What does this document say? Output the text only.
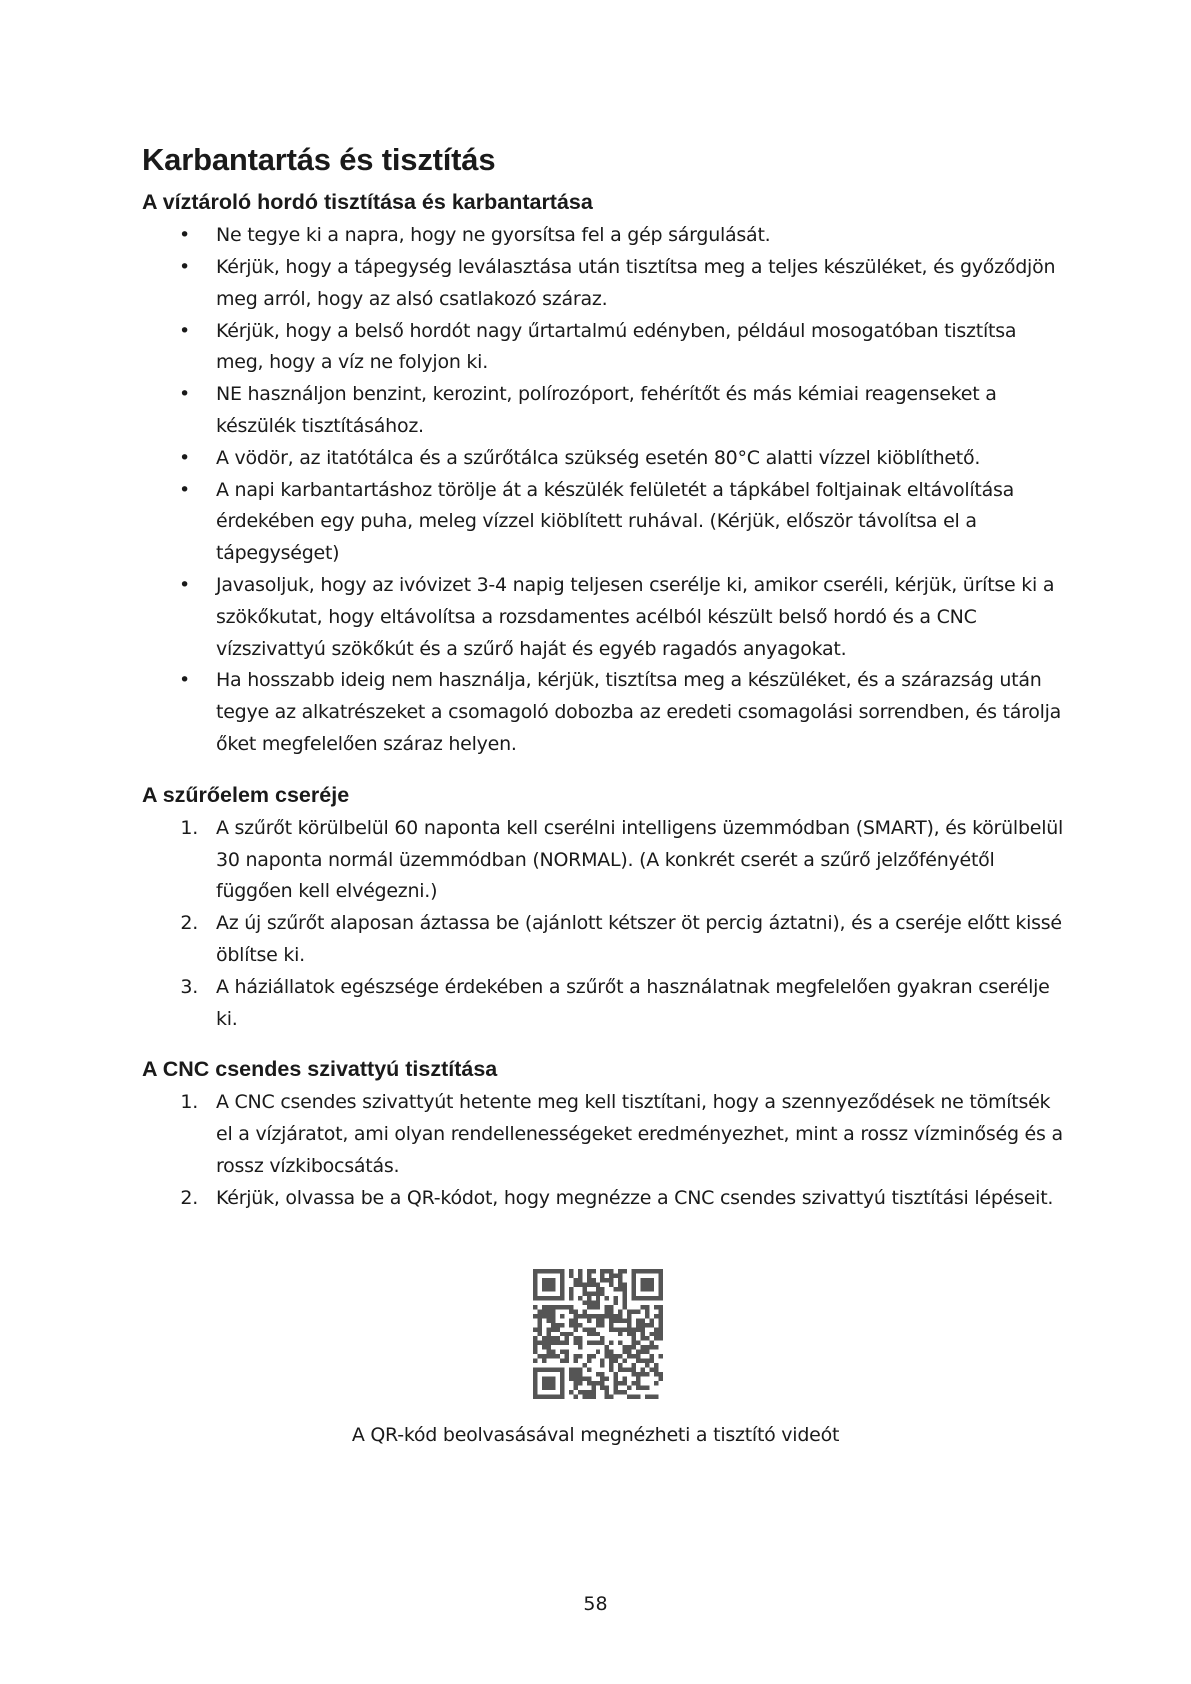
Karbantartás és tisztítás
A víztároló hordó tisztítása és karbantartása
•	Ne tegye ki a napra, hogy ne gyorsítsa fel a gép sárgulását.
•	Kérjük, hogy a tápegység leválasztása után tisztítsa meg a teljes készüléket, és győződjön meg arról, hogy az alsó csatlakozó száraz.
•	Kérjük, hogy a belső hordót nagy űrtartalmú edényben, például mosogatóban tisztítsa meg, hogy a víz ne folyjon ki.
•	NE használjon benzint, kerozint, polírozóport, fehérítőt és más kémiai reagenseket a készülék tisztításához.
•	A vödör, az itatótálca és a szűrőtálca szükség esetén 80°C alatti vízzel kiöblíthető.
•	A napi karbantartáshoz törölje át a készülék felületét a tápkábel foltjainak eltávolítása érdekében egy puha, meleg vízzel kiöblített ruhával. (Kérjük, először távolítsa el a tápegységet)
•	Javasoljuk, hogy az ivóvizet 3-4 napig teljesen cserélje ki, amikor cseréli, kérjük, ürítse ki a szökőkutat, hogy eltávolítsa a rozsdamentes acélból készült belső hordó és a CNC vízszivattyú szökőkút és a szűrő haját és egyéb ragadós anyagokat.
•	Ha hosszabb ideig nem használja, kérjük, tisztítsa meg a készüléket, és a szárazság után tegye az alkatrészeket a csomagoló dobozba az eredeti csomagolási sorrendben, és tárolja őket megfelelően száraz helyen.
A szűrőelem cseréje
1. A szűrőt körülbelül 60 naponta kell cserélni intelligens üzemmódban (SMART), és körülbelül 30 naponta normál üzemmódban (NORMAL). (A konkrét cserét a szűrő jelzőfényétől függően kell elvégezni.)
2. Az új szűrőt alaposan áztassa be (ajánlott kétszer öt percig áztatni), és a cseréje előtt kissé öblítse ki.
3. A háziállatok egészsége érdekében a szűrőt a használatnak megfelelően gyakran cserélje ki.
A CNC csendes szivattyú tisztítása
1. A CNC csendes szivattyút hetente meg kell tisztítani, hogy a szennyeződések ne tömítsék el a vízjáratot, ami olyan rendellenességeket eredményezhet, mint a rossz vízminőség és a rossz vízkibocsátás.
2. Kérjük, olvassa be a QR-kódot, hogy megnézze a CNC csendes szivattyú tisztítási lépéseit.
A QR-kód beolvasásával megnézheti a tisztító videót
58
